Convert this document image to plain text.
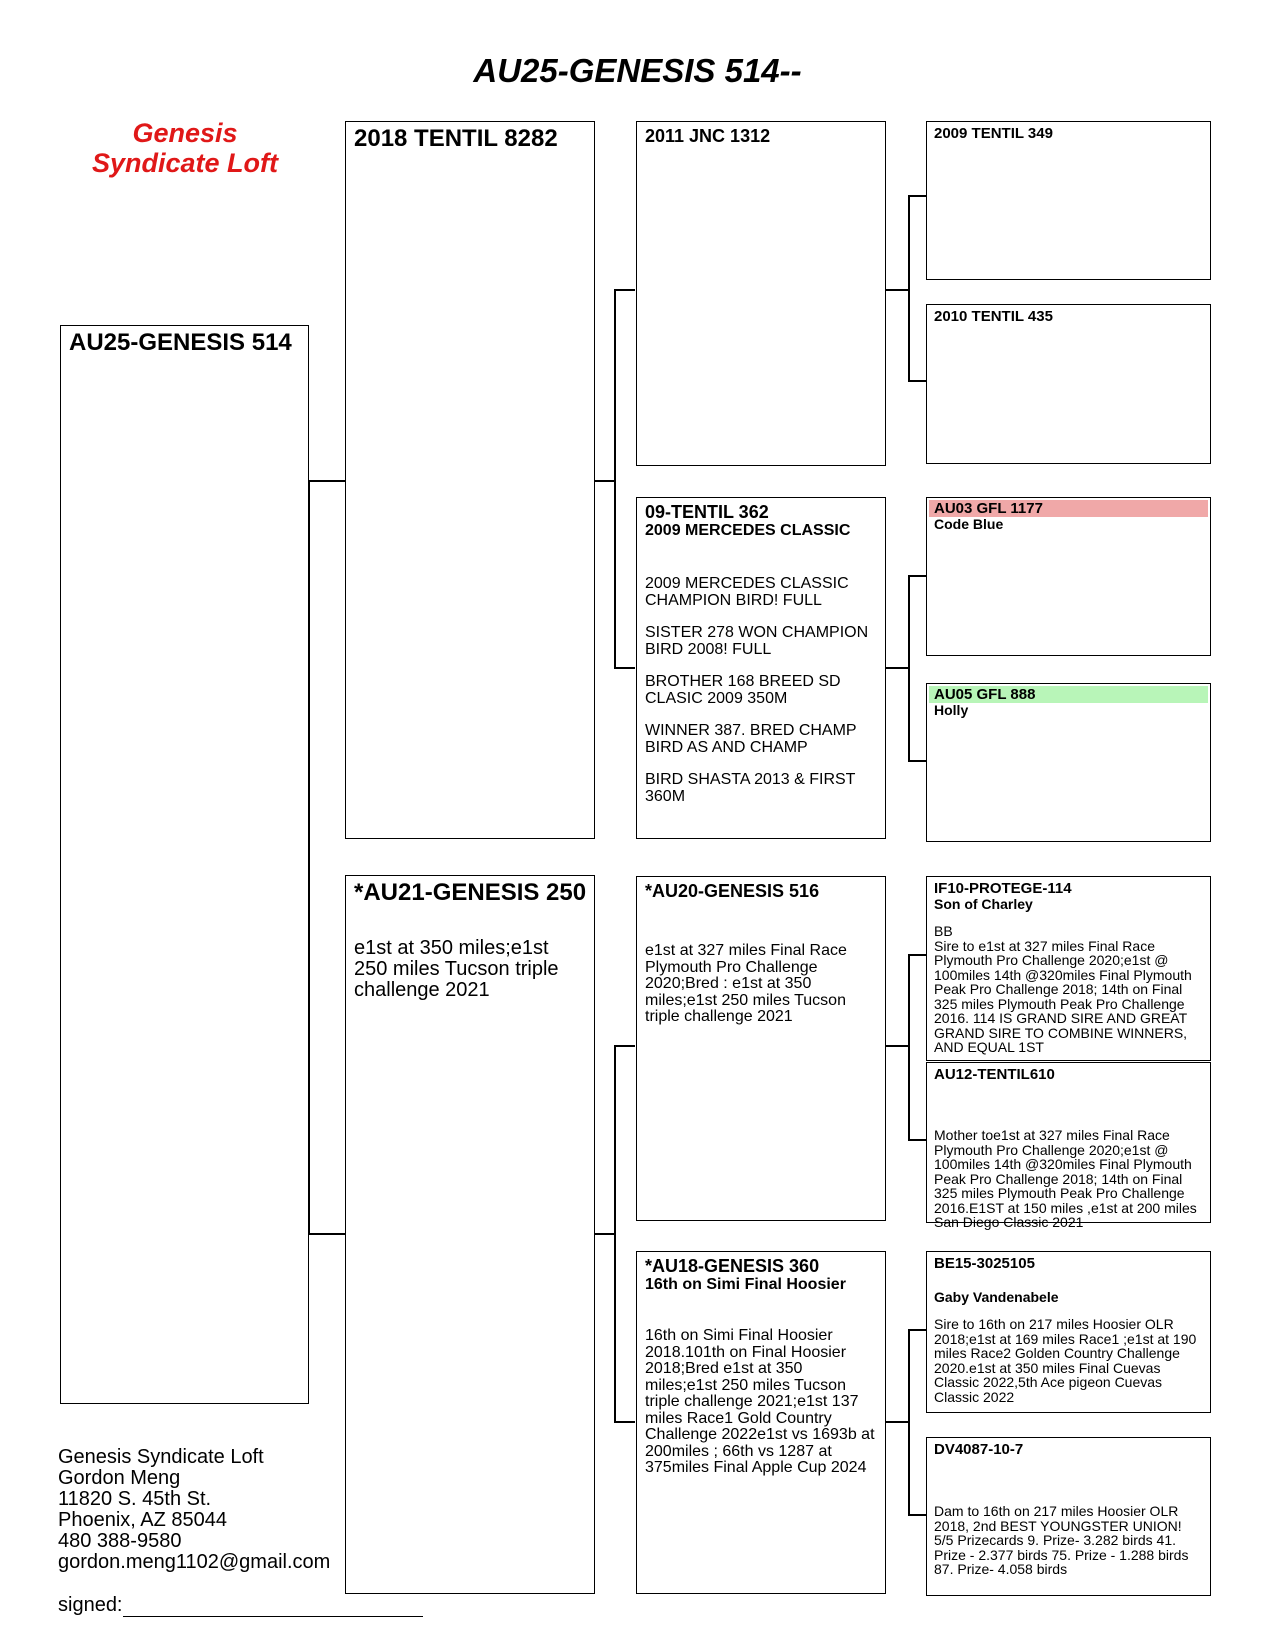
AU25-GENESIS 514--
Genesis
Syndicate Loft
AU25-GENESIS 514
2018 TENTIL 8282
*AU21-GENESIS 250
e1st at 350 miles;e1st 250 miles Tucson triple challenge 2021
2011 JNC 1312
09-TENTIL 362
2009 MERCEDES CLASSIC
2009 MERCEDES CLASSIC CHAMPION BIRD! FULL
SISTER 278 WON CHAMPION BIRD 2008! FULL
BROTHER 168 BREED SD CLASIC 2009 350M
WINNER 387. BRED CHAMP BIRD AS AND CHAMP
BIRD SHASTA 2013 & FIRST 360M
*AU20-GENESIS 516
e1st at 327 miles Final Race Plymouth Pro Challenge 2020;Bred : e1st at 350 miles;e1st 250 miles Tucson triple challenge 2021
*AU18-GENESIS 360
16th on Simi Final Hoosier
16th on Simi Final Hoosier 2018.101th on Final Hoosier 2018;Bred e1st at 350 miles;e1st 250 miles Tucson triple challenge 2021;e1st 137 miles Race1 Gold Country Challenge 2022e1st vs 1693b at 200miles ; 66th vs 1287 at 375miles Final Apple Cup 2024
2009 TENTIL 349
2010 TENTIL 435
AU03 GFL 1177
Code Blue
AU05 GFL 888
Holly
IF10-PROTEGE-114
Son of Charley
BB
Sire to e1st at 327 miles Final Race Plymouth Pro Challenge 2020;e1st @ 100miles 14th @320miles Final Plymouth Peak Pro Challenge 2018; 14th on Final 325 miles Plymouth Peak Pro Challenge 2016. 114 IS GRAND SIRE AND GREAT GRAND SIRE TO COMBINE WINNERS, AND EQUAL 1ST
AU12-TENTIL610
Mother toe1st at 327 miles Final Race Plymouth Pro Challenge 2020;e1st @ 100miles 14th @320miles Final Plymouth Peak Pro Challenge 2018; 14th on Final 325 miles Plymouth Peak Pro Challenge 2016.E1ST at 150 miles ,e1st at 200 miles San Diego Classic 2021
BE15-3025105
Gaby Vandenabele
Sire to 16th on 217 miles Hoosier OLR 2018;e1st at 169 miles Race1 ;e1st at 190 miles Race2 Golden Country Challenge 2020.e1st at 350 miles Final Cuevas Classic 2022,5th Ace pigeon Cuevas Classic 2022
DV4087-10-7
Dam to 16th on 217 miles Hoosier OLR 2018, 2nd BEST YOUNGSTER UNION! 5/5 Prizecards 9. Prize- 3.282 birds 41. Prize - 2.377 birds 75. Prize - 1.288 birds 87. Prize- 4.058 birds
Genesis Syndicate Loft
Gordon Meng
11820 S. 45th St.
Phoenix, AZ 85044
480 388-9580
gordon.meng1102@gmail.com
signed:
